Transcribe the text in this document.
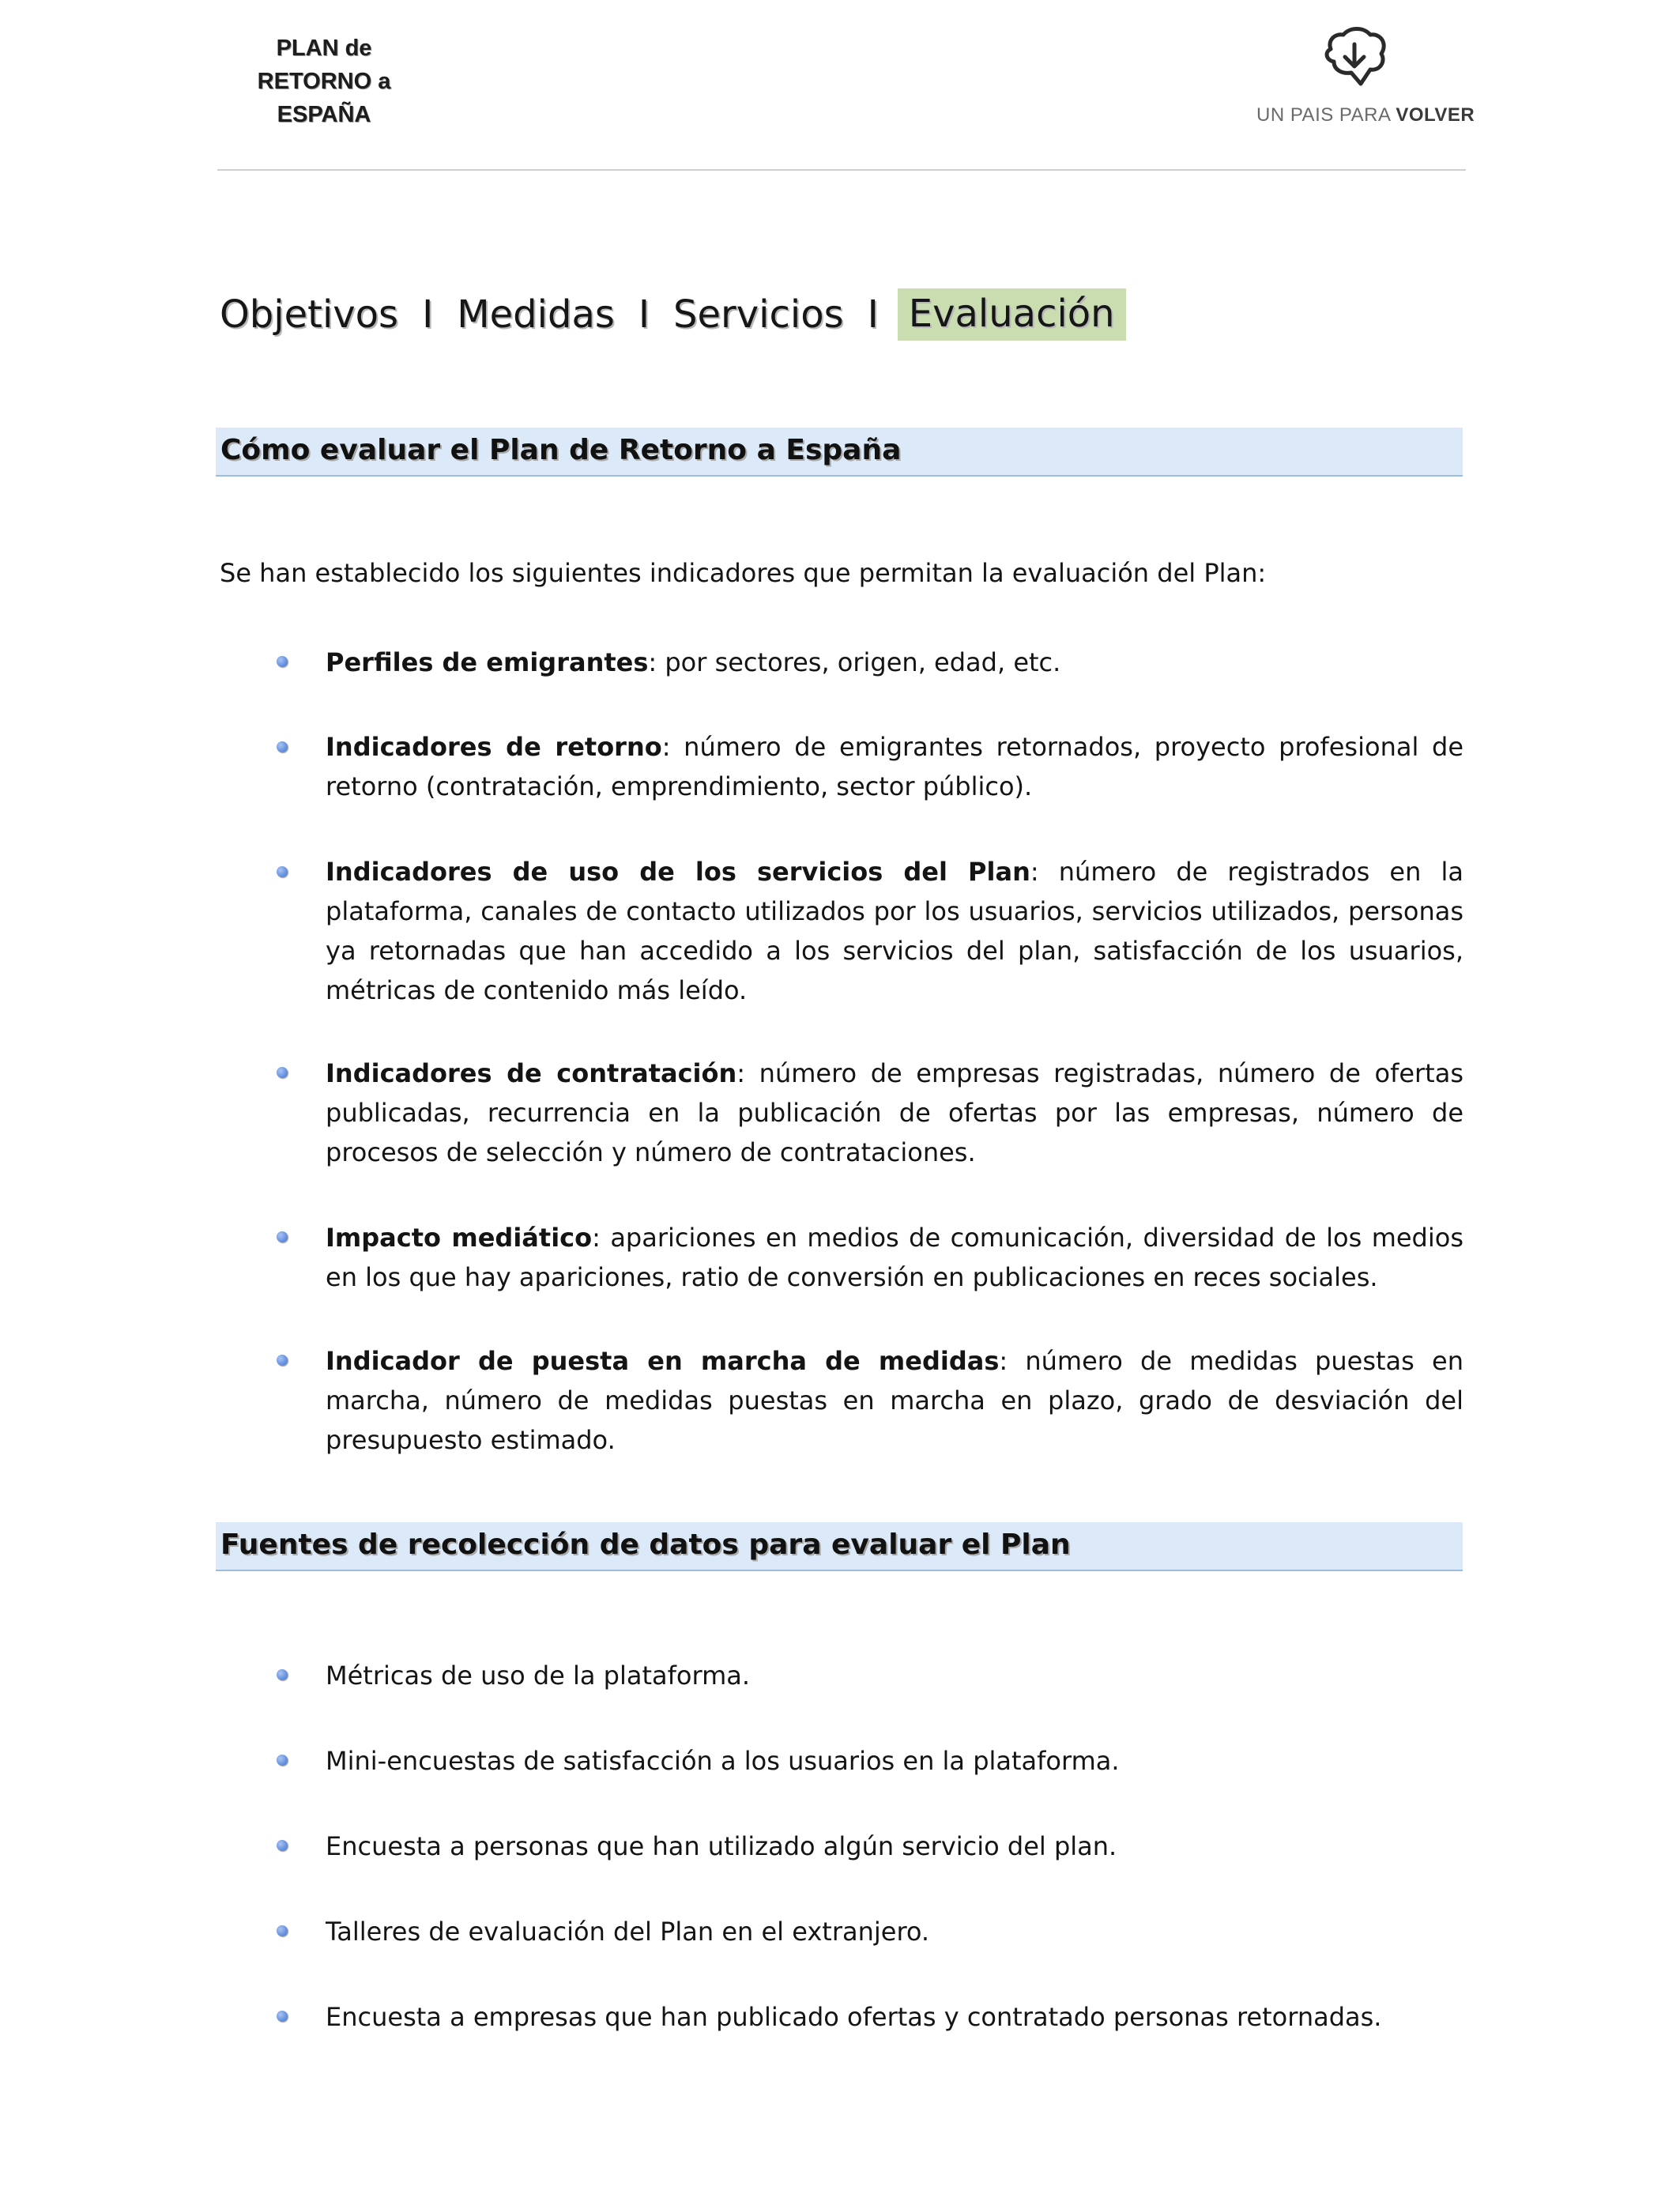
PLAN de
RETORNO a
ESPAÑA	UN PAIS PARA VOLVER
Objetivos I Medidas I Servicios I Evaluación
Cómo evaluar el Plan de Retorno a España
Se han establecido los siguientes indicadores que permitan la evaluación del Plan:
Perfiles de emigrantes: por sectores, origen, edad, etc.
Indicadores de retorno: número de emigrantes retornados, proyecto profesional de retorno (contratación, emprendimiento, sector público).
Indicadores de uso de los servicios del Plan: número de registrados en la plataforma, canales de contacto utilizados por los usuarios, servicios utilizados, personas ya retornadas que han accedido a los servicios del plan, satisfacción de los usuarios, métricas de contenido más leído.
Indicadores de contratación: número de empresas registradas, número de ofertas publicadas, recurrencia en la publicación de ofertas por las empresas, número de procesos de selección y número de contrataciones.
Impacto mediático: apariciones en medios de comunicación, diversidad de los medios en los que hay apariciones, ratio de conversión en publicaciones en reces sociales.
Indicador de puesta en marcha de medidas: número de medidas puestas en marcha, número de medidas puestas en marcha en plazo, grado de desviación del presupuesto estimado.
Fuentes de recolección de datos para evaluar el Plan
Métricas de uso de la plataforma.
Mini-encuestas de satisfacción a los usuarios en la plataforma.
Encuesta a personas que han utilizado algún servicio del plan.
Talleres de evaluación del Plan en el extranjero.
Encuesta a empresas que han publicado ofertas y contratado personas retornadas.
